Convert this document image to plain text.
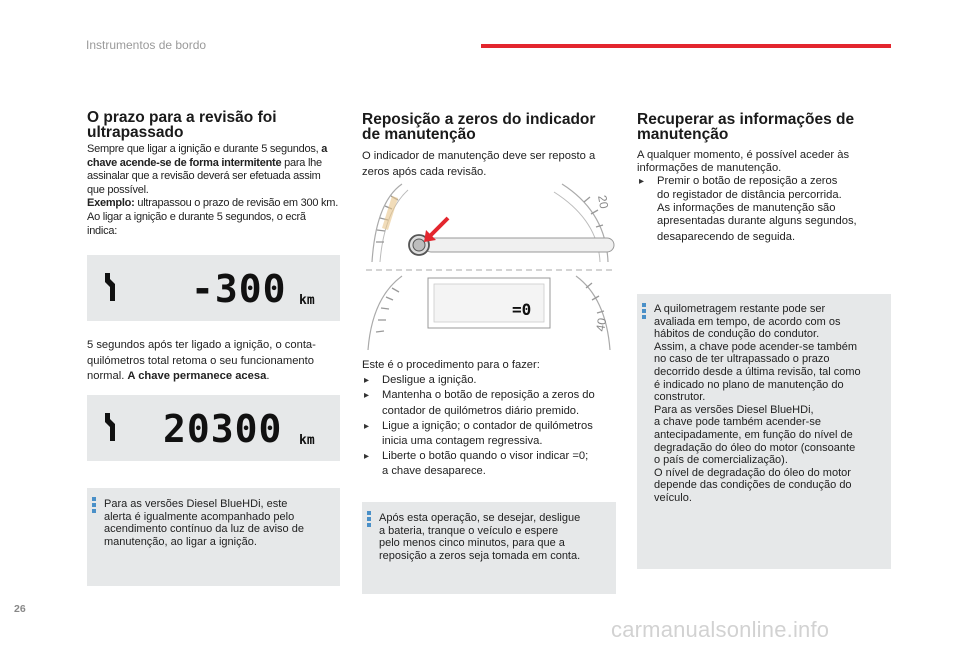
Instrumentos de bordo
O prazo para a revisão foi
ultrapassado
Sempre que ligar a ignição e durante 5 segundos, a
chave acende-se de forma intermitente para lhe
assinalar que a revisão deverá ser efetuada assim
que possível.
Exemplo: ultrapassou o prazo de revisão em 300 km.
Ao ligar a ignição e durante 5 segundos, o ecrã
indica:
-300 km
5 segundos após ter ligado a ignição, o conta-
quilómetros total retoma o seu funcionamento
normal. A chave permanece acesa.
20300 km
Para as versões Diesel BlueHDi, este
alerta é igualmente acompanhado pelo
acendimento contínuo da luz de aviso de
manutenção, ao ligar a ignição.
Reposição a zeros do indicador
de manutenção
O indicador de manutenção deve ser reposto a
zeros após cada revisão.
20
40
=0
Este é o procedimento para o fazer:
▸ Desligue a ignição.
▸ Mantenha o botão de reposição a zeros do
contador de quilómetros diário premido.
▸ Ligue a ignição; o contador de quilómetros
inicia uma contagem regressiva.
▸ Liberte o botão quando o visor indicar =0;
a chave desaparece.
Após esta operação, se desejar, desligue
a bateria, tranque o veículo e espere
pelo menos cinco minutos, para que a
reposição a zeros seja tomada em conta.
Recuperar as informações de
manutenção
A qualquer momento, é possível aceder às
informações de manutenção.
▸ Premir o botão de reposição a zeros
do registador de distância percorrida.
As informações de manutenção são
apresentadas durante alguns segundos,
desaparecendo de seguida.
A quilometragem restante pode ser
avaliada em tempo, de acordo com os
hábitos de condução do condutor.
Assim, a chave pode acender-se também
no caso de ter ultrapassado o prazo
decorrido desde a última revisão, tal como
é indicado no plano de manutenção do
construtor.
Para as versões Diesel BlueHDi,
a chave pode também acender-se
antecipadamente, em função do nível de
degradação do óleo do motor (consoante
o país de comercialização).
O nível de degradação do óleo do motor
depende das condições de condução do
veículo.
26
carmanualsonline.info
